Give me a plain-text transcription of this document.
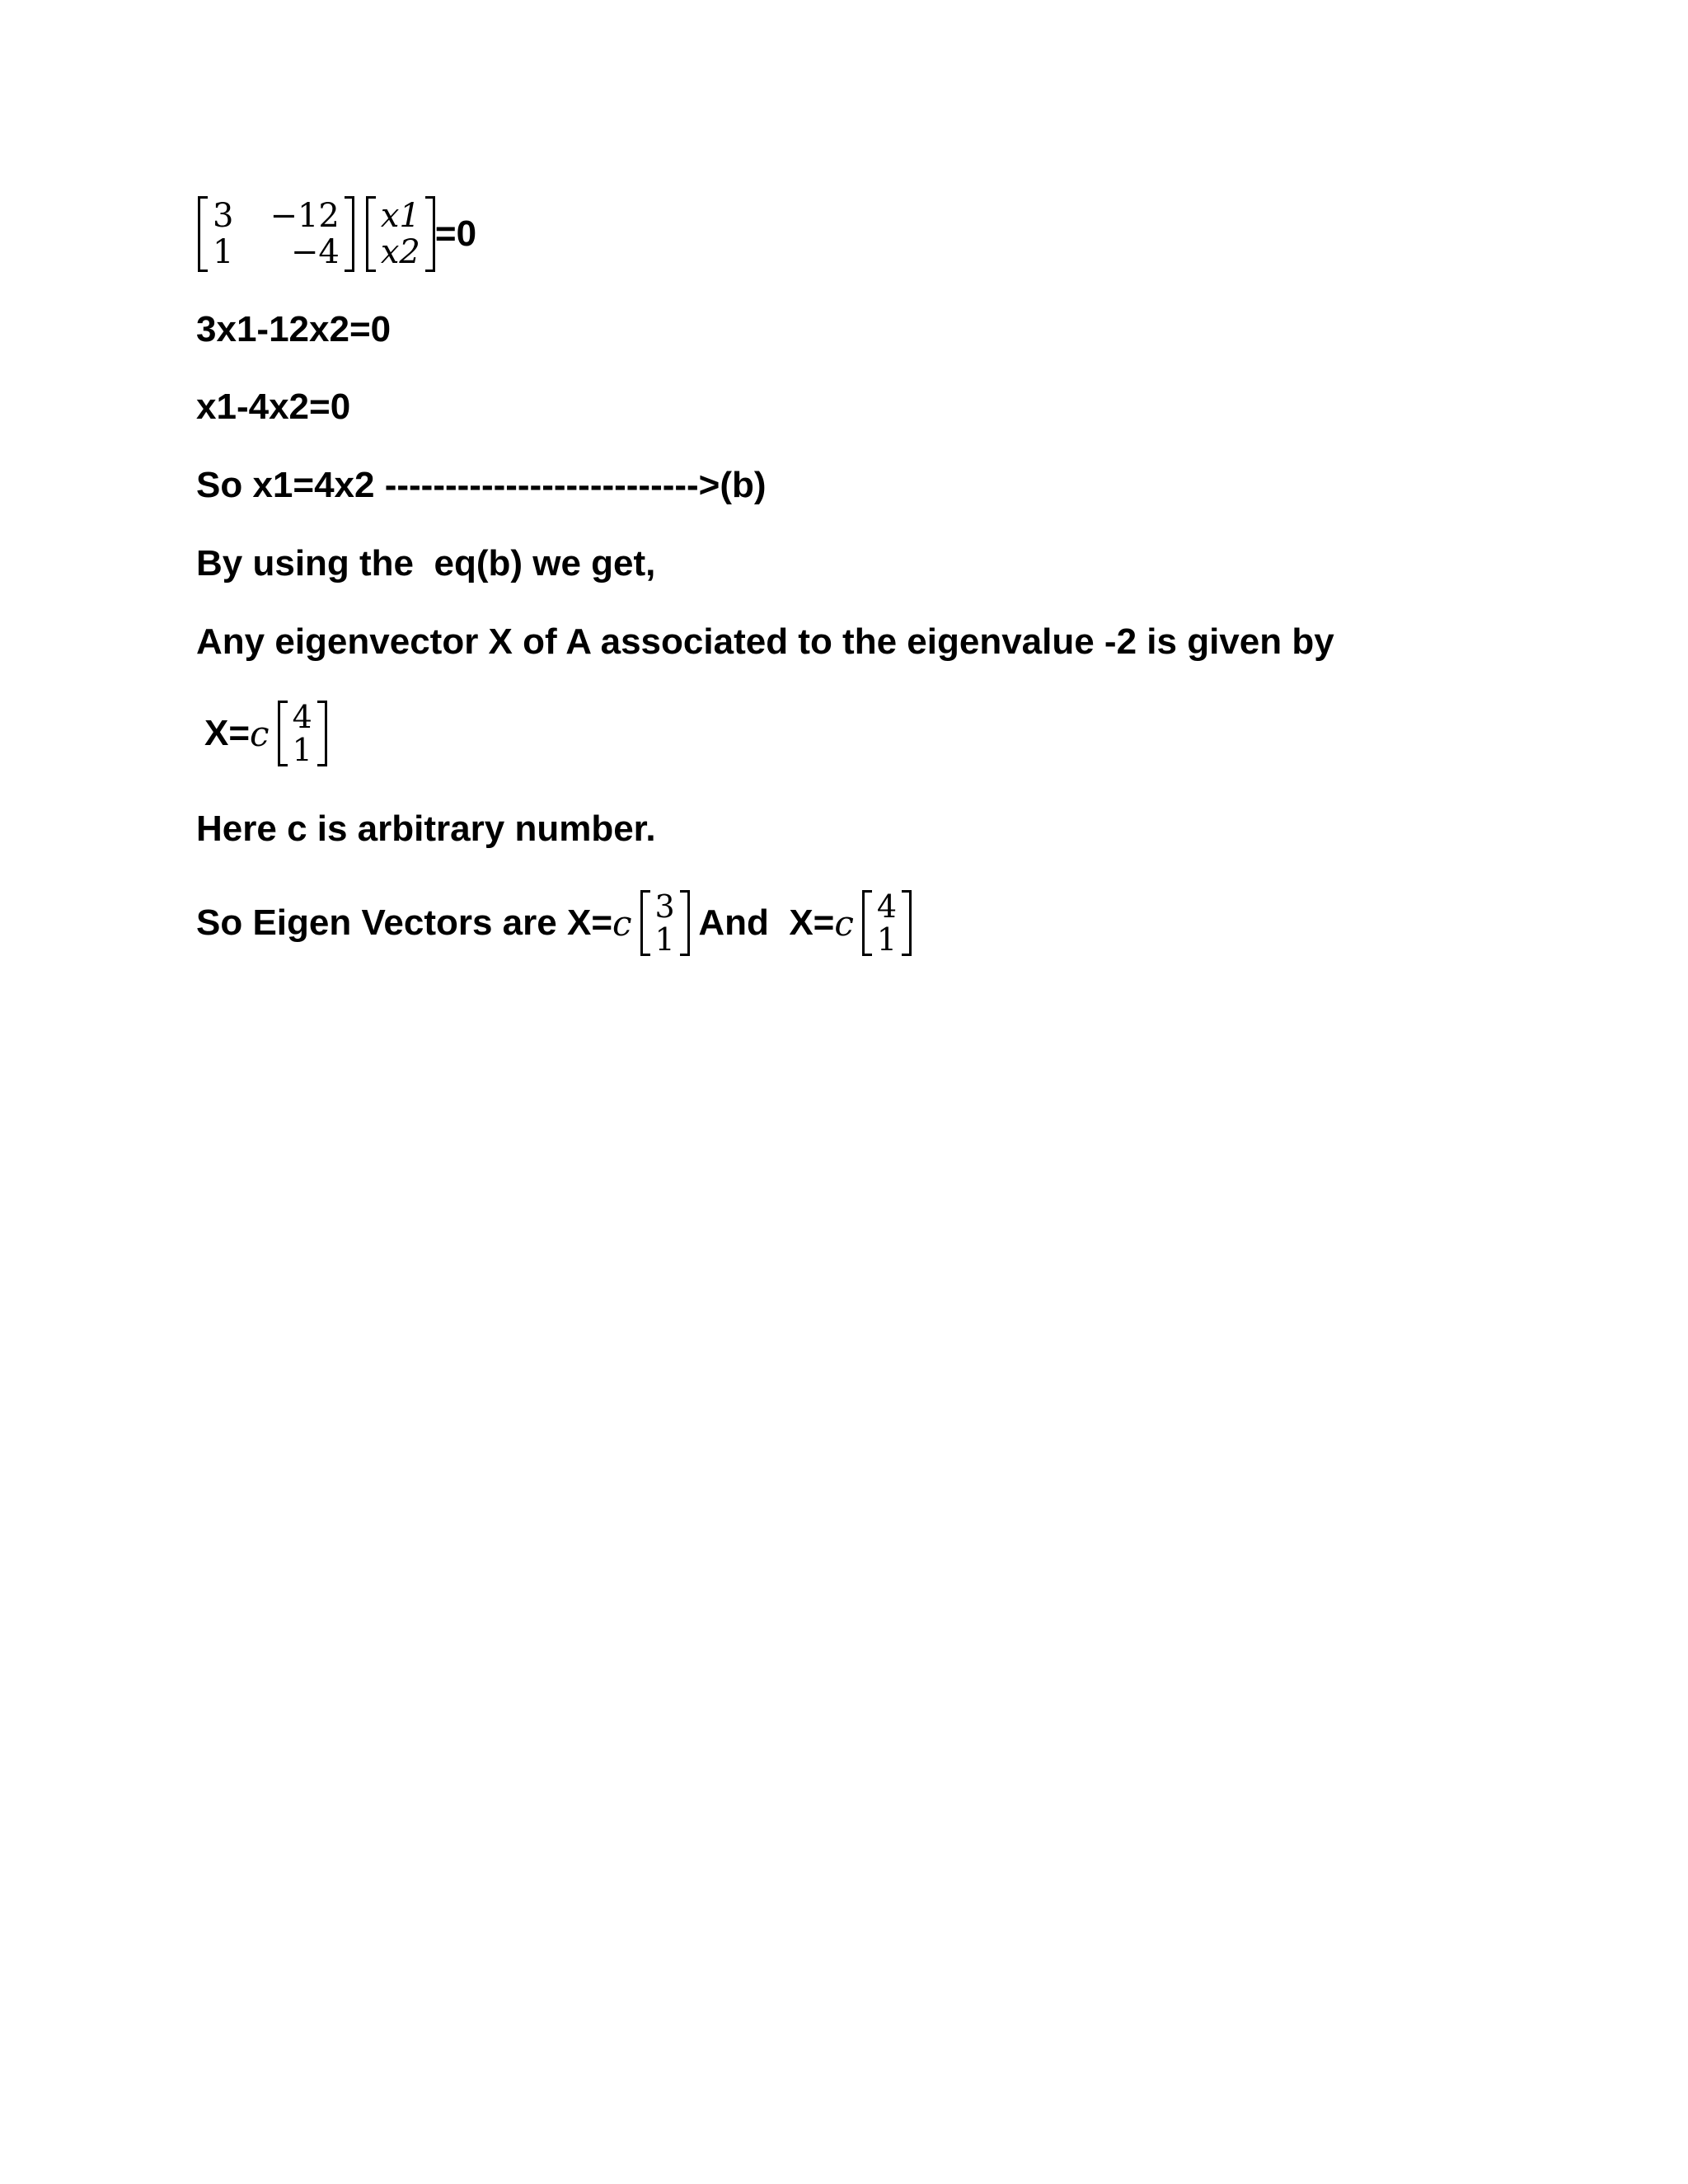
3 −12
1	−4
x1
x2 =0
3x1-12x2=0
x1-4x2=0
So x1=4x2 -------------------------->(b)
By using the  eq(b) we get,
Any eigenvector X of A associated to the eigenvalue -2 is given by
X= c 4
1
Here c is arbitrary number.
So Eigen Vectors are X= c 3
1 And X= c 4
1
